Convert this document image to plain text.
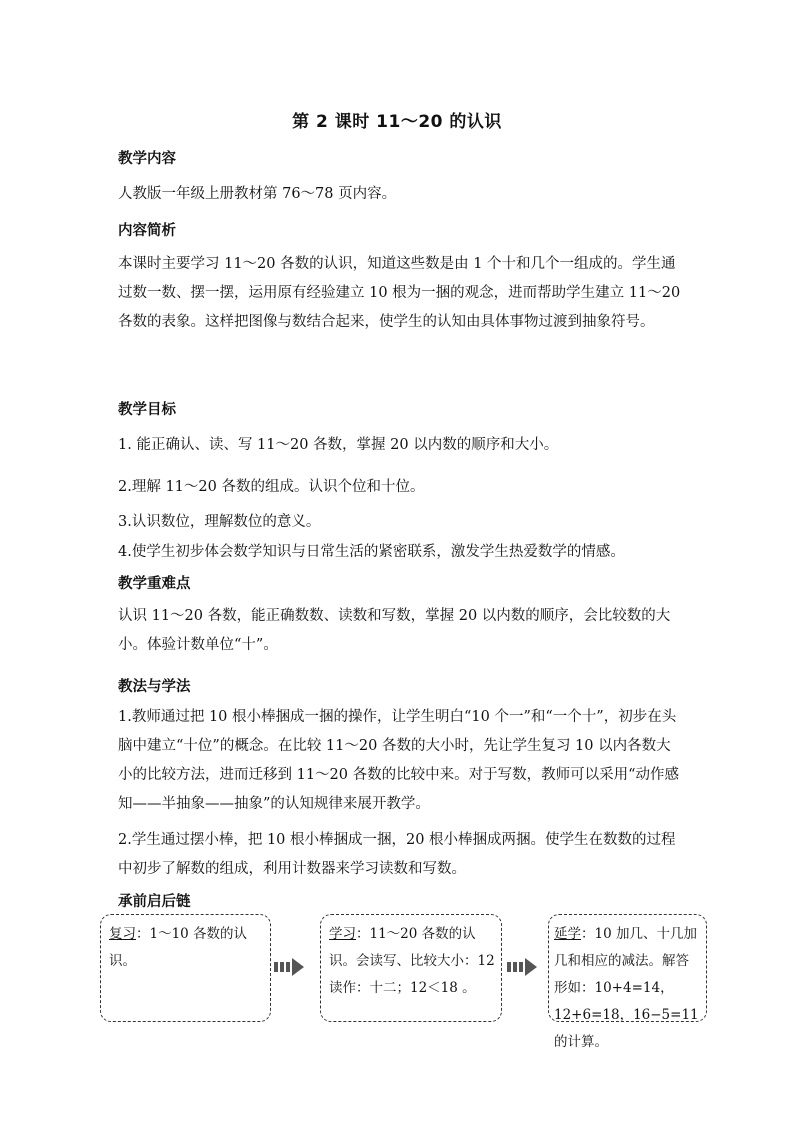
第 2 课时 11～20 的认识
教学内容
人教版一年级上册教材第 76～78 页内容。
内容简析
本课时主要学习 11～20 各数的认识，知道这些数是由 1 个十和几个一组成的。学生通过数一数、摆一摆，运用原有经验建立 10 根为一捆的观念，进而帮助学生建立 11～20 各数的表象。这样把图像与数结合起来，使学生的认知由具体事物过渡到抽象符号。
教学目标
1. 能正确认、读、写 11～20 各数，掌握 20 以内数的顺序和大小。
2.理解 11～20 各数的组成。认识个位和十位。
3.认识数位，理解数位的意义。
4.使学生初步体会数学知识与日常生活的紧密联系，激发学生热爱数学的情感。
教学重难点
认识 11～20 各数，能正确数数、读数和写数，掌握 20 以内数的顺序，会比较数的大小。体验计数单位“十”。
教法与学法
1.教师通过把 10 根小棒捆成一捆的操作，让学生明白“10 个一”和“一个十”，初步在头脑中建立“十位”的概念。在比较 11～20 各数的大小时，先让学生复习 10 以内各数大小的比较方法，进而迁移到 11～20 各数的比较中来。对于写数，教师可以采用“动作感知——半抽象——抽象”的认知规律来展开教学。
2.学生通过摆小棒，把 10 根小棒捆成一捆，20 根小棒捆成两捆。使学生在数数的过程中初步了解数的组成，利用计数器来学习读数和写数。
承前启后链
复习：1～10 各数的认识。
学习：11～20 各数的认识。会读写、比较大小：12 读作：十二；12＜18 。
延学：10 加几、十几加几和相应的减法。解答形如：10+4=14，12+6=18，16−5=11 的计算。
